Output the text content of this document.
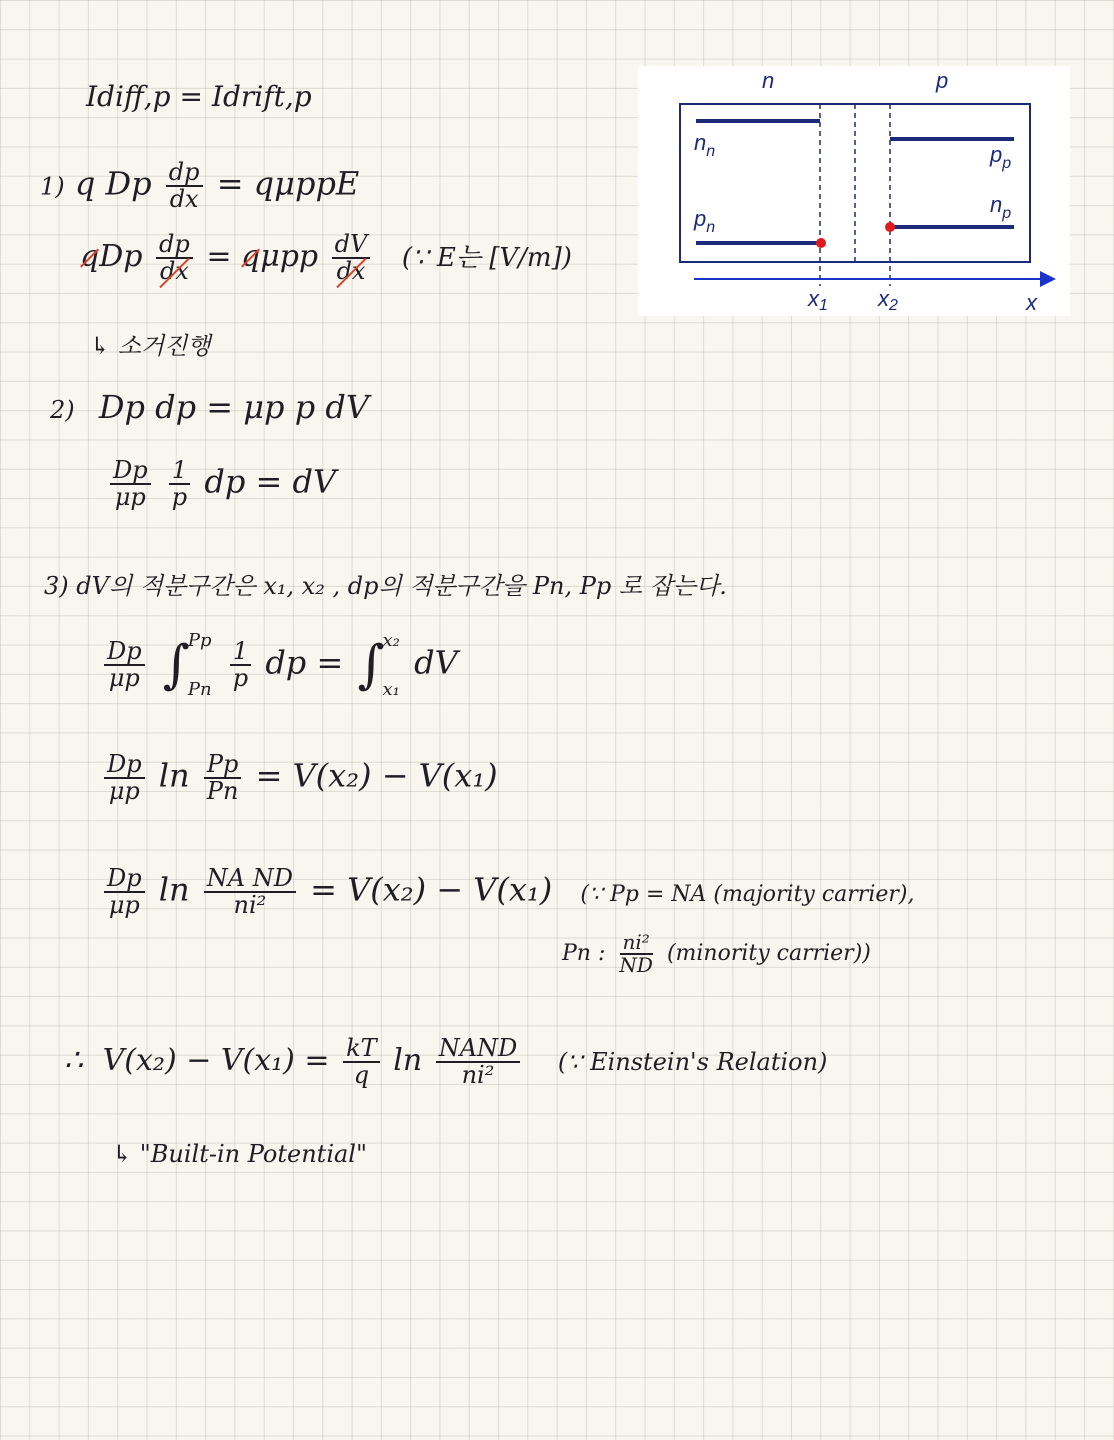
Idiff,p = Idrift,p
1) q Dp $\frac{dp}{dx} = q\mu ppE$
qDp $\frac{dp}{dx} = q\mu pp \frac{dV}{dx}$ (∵ E는 [V/m])
↳ 소거진행
2) Dp dp = μp p dV
$\frac{Dp}{\mu p}$
$\frac{1}{p}$ dp = dV
3) dV의 적분구간은 x₁, x₂ , dp의 적분구간을 Pn, Pp 로 잡는다.
$\frac{Dp}{\mu p}$
∫
Pp
Pn
$\frac{1}{p}$ dp = ∫
x₂
x₁
dV
$\frac{Dp}{\mu p}$ $\ln \frac{Pp}{Pn} = V(x_2) - V(x_1)$
$\frac{Dp}{\mu p}$ $\ln \frac{\text{NA ND}}{\text{ni²}} = V(x_2) - V(x_1)$ (∵ Pp = NA (majority carrier),
Pn : $\frac{\text{ni²}}{ND}$ (minority carrier))
∴ $V(x_2) - V(x_1) = \frac{kT}{q}$ $\ln \frac{\text{NAND}}{\text{ni²}}$ (∵ Einstein's Relation)
↳ "Built-in Potential"
n	p
$n_n$
$p_n$
$p_p$
$n_p$
x1 x2	x
